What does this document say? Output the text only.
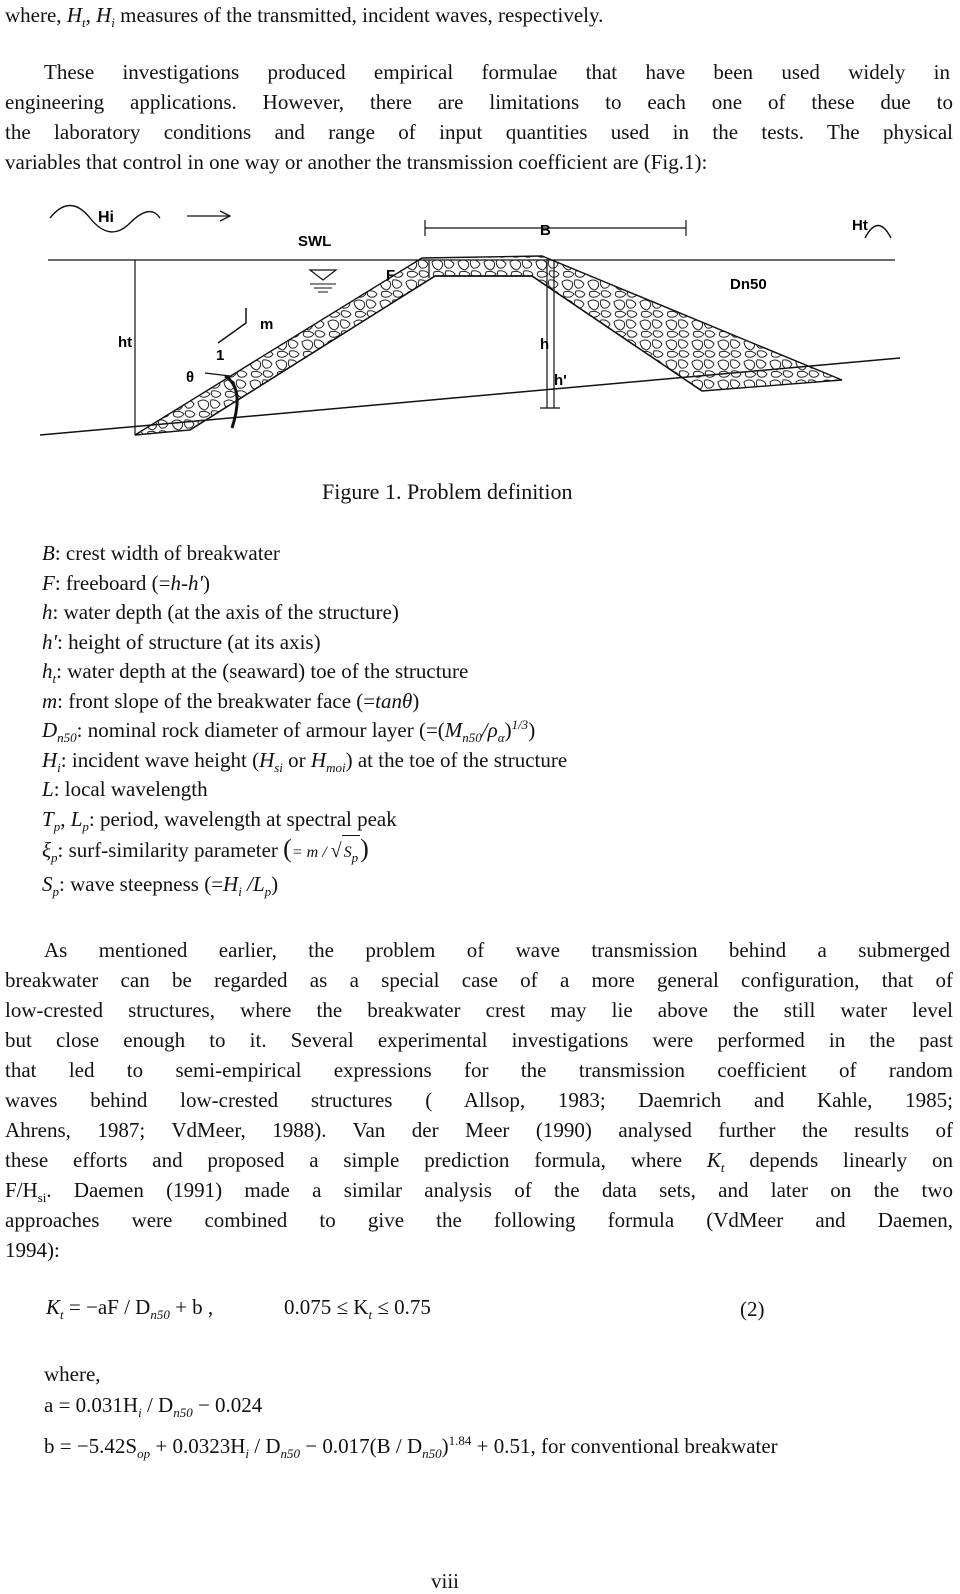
where, $H_t$, $H_i$ measures of the transmitted, incident waves, respectively.
These investigations produced empirical formulae that have been used widely in
engineering applications. However, there are limitations to each one of these due to
the laboratory conditions and range of input quantities used in the tests. The physical
variables that control in one way or another the transmission coefficient are (Fig.1):
Hi
SWL
B	Ht
F
Dn50
m
ht
1
θ
h
h'
Figure 1. Problem definition
B: crest width of breakwater
F: freeboard (=h-h')
h: water depth (at the axis of the structure)
h': height of structure (at its axis)
$h_t$: water depth at the (seaward) toe of the structure
m: front slope of the breakwater face (=tanθ)
$D_{n50}$: nominal rock diameter of armour layer $(=(M_{n50}/\rho_\alpha)^{1/3})$
$H_i$: incident wave height ($H_{si}$ or $H_{moi}$) at the toe of the structure
L: local wavelength
$T_p$, $L_p$: period, wavelength at spectral peak
$\xi_p$: surf-similarity parameter (= m / √ $S_p$)
$S_p$: wave steepness ($=H_i$ $/L_p$)
As mentioned earlier, the problem of wave transmission behind a submerged
breakwater can be regarded as a special case of a more general configuration, that of
low-crested structures, where the breakwater crest may lie above the still water level
but close enough to it. Several experimental investigations were performed in the past
that led to semi-empirical expressions for the transmission coefficient of random
waves behind low-crested structures ( Allsop, 1983; Daemrich and Kahle, 1985;
Ahrens, 1987; VdMeer, 1988). Van der Meer (1990) analysed further the results of
these efforts and proposed a simple prediction formula, where $K_t$ depends linearly on
$F/H_{si}$. Daemen (1991) made a similar analysis of the data sets, and later on the two
approaches were combined to give the following formula (VdMeer and Daemen,
1994):
$K_t = -aF / D_{n50} + b$ ,	$0.075 \le K_t \le 0.75$	(2)
where,
$a = 0.031H_i / D_{n50} - 0.024$
$b = -5.42S_{op} + 0.0323H_i / D_{n50} - 0.017(B / D_{n50})^{1.84} + 0.51$, for conventional breakwater
viii
